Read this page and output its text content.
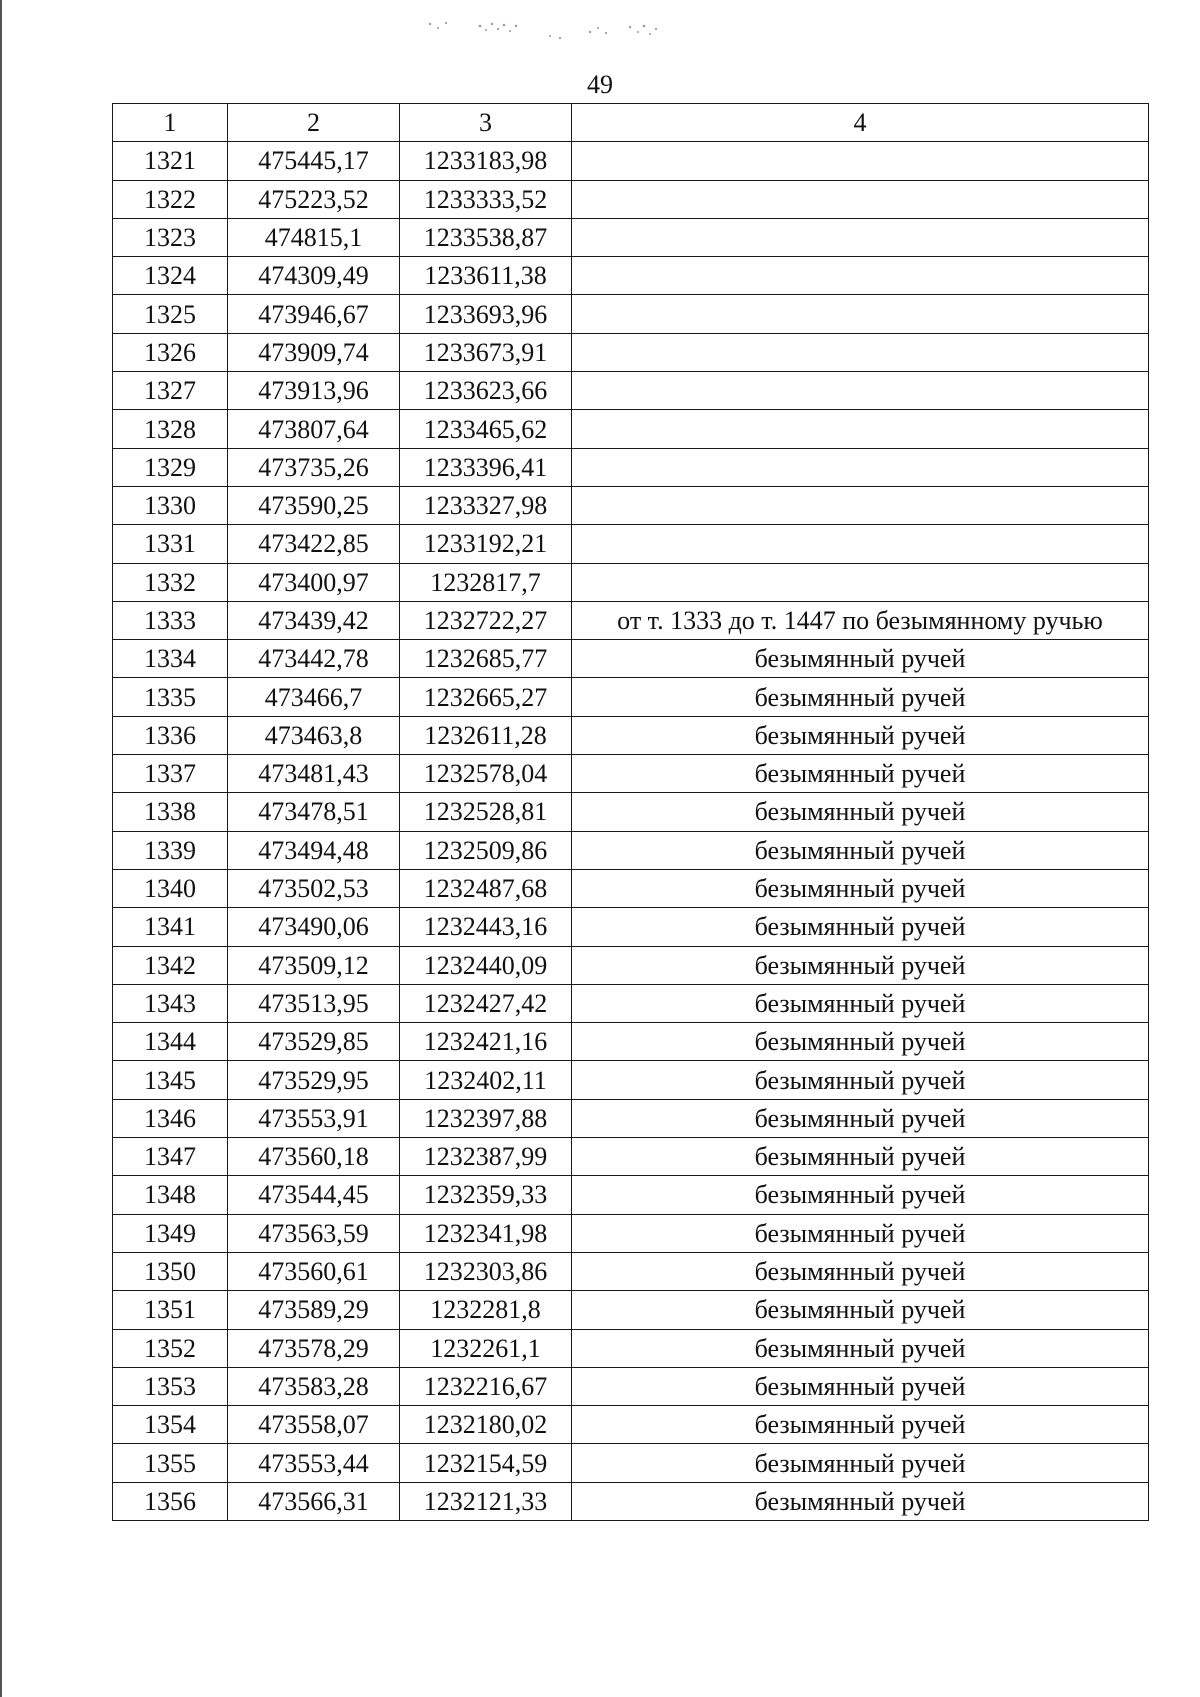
49
1	2	3	4
1321	475445,17	1233183,98	
1322	475223,52	1233333,52	
1323	474815,1	1233538,87	
1324	474309,49	1233611,38	
1325	473946,67	1233693,96	
1326	473909,74	1233673,91	
1327	473913,96	1233623,66	
1328	473807,64	1233465,62	
1329	473735,26	1233396,41	
1330	473590,25	1233327,98	
1331	473422,85	1233192,21	
1332	473400,97	1232817,7	
1333	473439,42	1232722,27	от т. 1333 до т. 1447 по безымянному ручью
1334	473442,78	1232685,77	безымянный ручей
1335	473466,7	1232665,27	безымянный ручей
1336	473463,8	1232611,28	безымянный ручей
1337	473481,43	1232578,04	безымянный ручей
1338	473478,51	1232528,81	безымянный ручей
1339	473494,48	1232509,86	безымянный ручей
1340	473502,53	1232487,68	безымянный ручей
1341	473490,06	1232443,16	безымянный ручей
1342	473509,12	1232440,09	безымянный ручей
1343	473513,95	1232427,42	безымянный ручей
1344	473529,85	1232421,16	безымянный ручей
1345	473529,95	1232402,11	безымянный ручей
1346	473553,91	1232397,88	безымянный ручей
1347	473560,18	1232387,99	безымянный ручей
1348	473544,45	1232359,33	безымянный ручей
1349	473563,59	1232341,98	безымянный ручей
1350	473560,61	1232303,86	безымянный ручей
1351	473589,29	1232281,8	безымянный ручей
1352	473578,29	1232261,1	безымянный ручей
1353	473583,28	1232216,67	безымянный ручей
1354	473558,07	1232180,02	безымянный ручей
1355	473553,44	1232154,59	безымянный ручей
1356	473566,31	1232121,33	безымянный ручей
